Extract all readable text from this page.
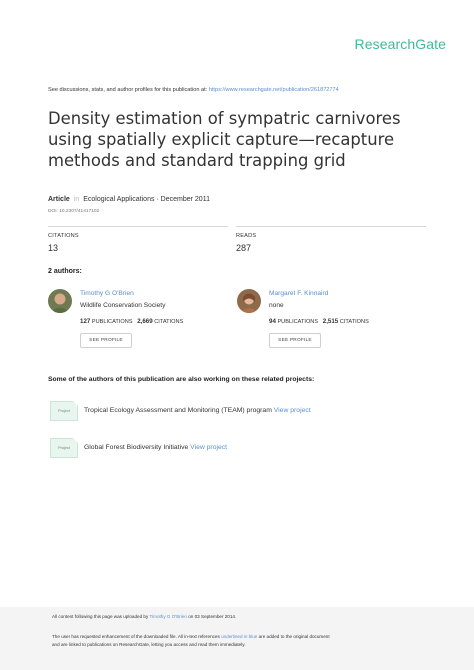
ResearchGate
See discussions, stats, and author profiles for this publication at: https://www.researchgate.net/publication/261872774
Density estimation of sympatric carnivores
using spatially explicit capture—recapture
methods and standard trapping grid
Article in Ecological Applications · December 2011
DOI: 10.2307/41417102
CITATIONS
13
READS
287
2 authors:
Timothy G O'Brien
Wildlife Conservation Society
127 PUBLICATIONS 2,669 CITATIONS
SEE PROFILE
Margaret F. Kinnaird
none
94 PUBLICATIONS 2,515 CITATIONS
SEE PROFILE
Some of the authors of this publication are also working on these related projects:
Project Tropical Ecology Assessment and Monitoring (TEAM) program View project
Project Global Forest Biodiversity Initiative View project
All content following this page was uploaded by Timothy G O'Brien on 03 September 2014.
The user has requested enhancement of the downloaded file. All in-text references underlined in blue are added to the original document
and are linked to publications on ResearchGate, letting you access and read them immediately.
